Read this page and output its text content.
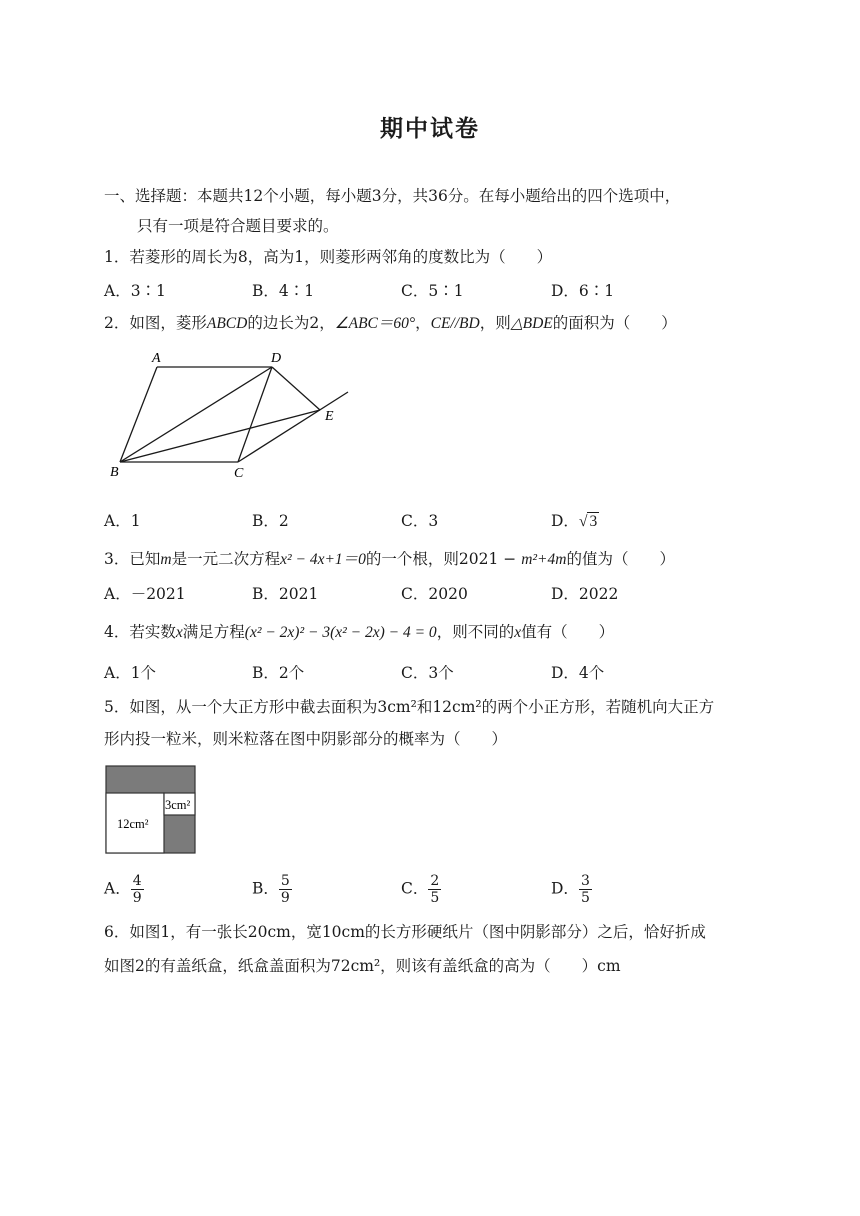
期中试卷
一、选择题：本题共12个小题，每小题3分，共36分。在每小题给出的四个选项中，
只有一项是符合题目要求的。
1．若菱形的周长为8，高为1，则菱形两邻角的度数比为（　　）
A．3∶1	B．4∶1	C．5∶1	D．6∶1
2．如图，菱形ABCD的边长为2，∠ABC＝60°，CE//BD，则△BDE的面积为（　　）
A	D
E
B	C
A．1	B．2	C．3	D．√ 3
3．已知m是一元二次方程x² − 4x+1＝0的一个根，则2021 − m²+4m的值为（　　）
A．－2021	B．2021	C．2020	D．2022
4．若实数x满足方程(x² − 2x)² − 3(x² − 2x) − 4 = 0，则不同的x值有（　　）
A．1个	B．2个	C．3个	D．4个
5．如图，从一个大正方形中截去面积为3cm²和12cm²的两个小正方形，若随机向大正方
形内投一粒米，则米粒落在图中阴影部分的概率为（　　）
3cm²
12cm²
A． $\frac{4}{9}$	B． $\frac{5}{9}$	C． $\frac{2}{5}$	D． $\frac{3}{5}$
6．如图1，有一张长20cm，宽10cm的长方形硬纸片（图中阴影部分）之后，恰好折成
如图2的有盖纸盒，纸盒盖面积为72cm²，则该有盖纸盒的高为（　　）cm
